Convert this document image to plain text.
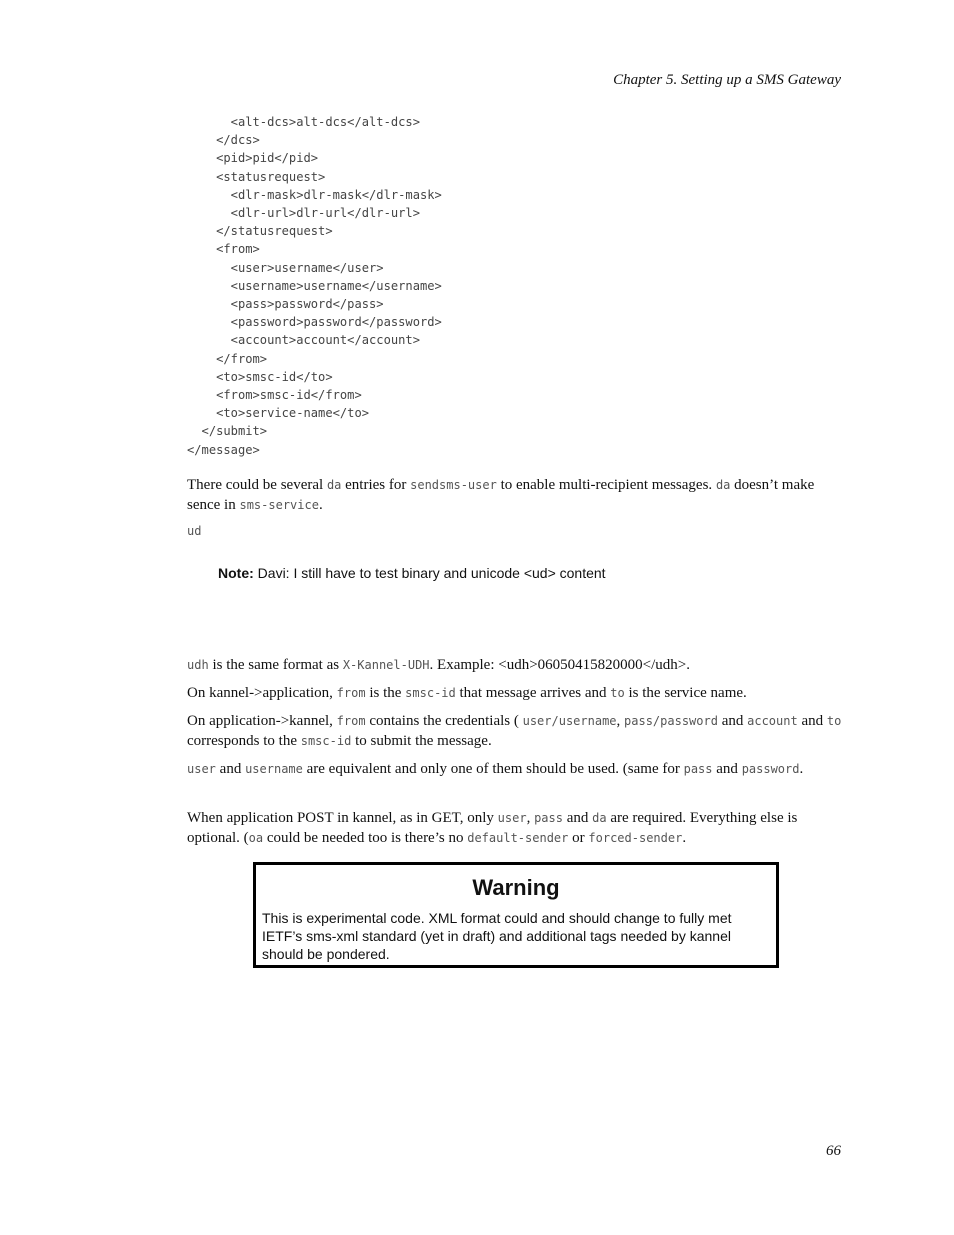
Chapter 5. Setting up a SMS Gateway
<alt-dcs>alt-dcs</alt-dcs>
</dcs>
<pid>pid</pid>
<statusrequest>
<dlr-mask>dlr-mask</dlr-mask>
<dlr-url>dlr-url</dlr-url>
</statusrequest>
<from>
<user>username</user>
<username>username</username>
<pass>password</pass>
<password>password</password>
<account>account</account>
</from>
<to>smsc-id</to>
<from>smsc-id</from>
<to>service-name</to>
</submit>
</message>

There could be several da entries for sendsms-user to enable multi-recipient messages. da doesn’t make sence in sms-service.
ud
Note: Davi: I still have to test binary and unicode <ud> content
udh is the same format as X-Kannel-UDH. Example: <udh>06050415820000</udh>.
On kannel->application, from is the smsc-id that message arrives and to is the service name.
On application->kannel, from contains the credentials ( user/username, pass/password and account and to corresponds to the smsc-id to submit the message.
user and username are equivalent and only one of them should be used. (same for pass and password.
When application POST in kannel, as in GET, only user, pass and da are required. Everything else is optional. (oa could be needed too is there’s no default-sender or forced-sender.
Warning
This is experimental code. XML format could and should change to fully met IETF’s sms-xml standard (yet in draft) and additional tags needed by kannel should be pondered.
66
